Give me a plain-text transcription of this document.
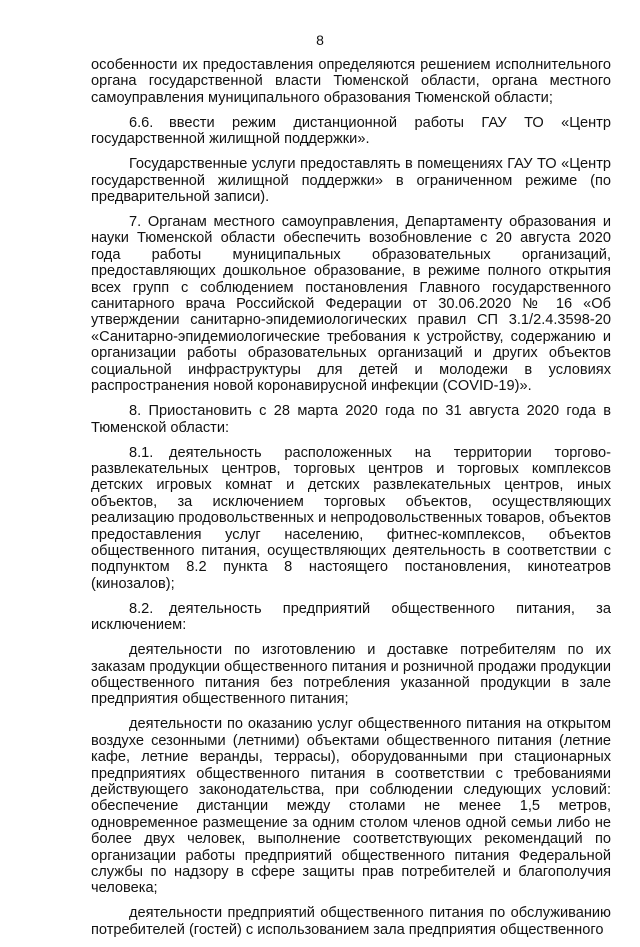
8

особенности их предоставления определяются решением исполнительного органа государственной власти Тюменской области, органа местного самоуправления муниципального образования Тюменской области;

6.6. ввести режим дистанционной работы ГАУ ТО «Центр государственной жилищной поддержки».

Государственные услуги предоставлять в помещениях ГАУ ТО «Центр государственной жилищной поддержки» в ограниченном режиме (по предварительной записи).

7. Органам местного самоуправления, Департаменту образования и науки Тюменской области обеспечить возобновление с 20 августа 2020 года работы муниципальных образовательных организаций, предоставляющих дошкольное образование, в режиме полного открытия всех групп с соблюдением постановления Главного государственного санитарного врача Российской Федерации от 30.06.2020 № 16 «Об утверждении санитарно-эпидемиологических правил СП 3.1/2.4.3598-20 «Санитарно-эпидемиологические требования к устройству, содержанию и организации работы образовательных организаций и других объектов социальной инфраструктуры для детей и молодежи в условиях распространения новой коронавирусной инфекции (COVID-19)».

8. Приостановить с 28 марта 2020 года по 31 августа 2020 года в Тюменской области:

8.1. деятельность расположенных на территории торгово-развлекательных центров, торговых центров и торговых комплексов детских игровых комнат и детских развлекательных центров, иных объектов, за исключением торговых объектов, осуществляющих реализацию продовольственных и непродовольственных товаров, объектов предоставления услуг населению, фитнес-комплексов, объектов общественного питания, осуществляющих деятельность в соответствии с подпунктом 8.2 пункта 8 настоящего постановления, кинотеатров (кинозалов);

8.2. деятельность предприятий общественного питания, за исключением:

деятельности по изготовлению и доставке потребителям по их заказам продукции общественного питания и розничной продажи продукции общественного питания без потребления указанной продукции в зале предприятия общественного питания;

деятельности по оказанию услуг общественного питания на открытом воздухе сезонными (летними) объектами общественного питания (летние кафе, летние веранды, террасы), оборудованными при стационарных предприятиях общественного питания в соответствии с требованиями действующего законодательства, при соблюдении следующих условий: обеспечение дистанции между столами не менее 1,5 метров, одновременное размещение за одним столом членов одной семьи либо не более двух человек, выполнение соответствующих рекомендаций по организации работы предприятий общественного питания Федеральной службы по надзору в сфере защиты прав потребителей и благополучия человека;

деятельности предприятий общественного питания по обслуживанию потребителей (гостей) с использованием зала предприятия общественного
